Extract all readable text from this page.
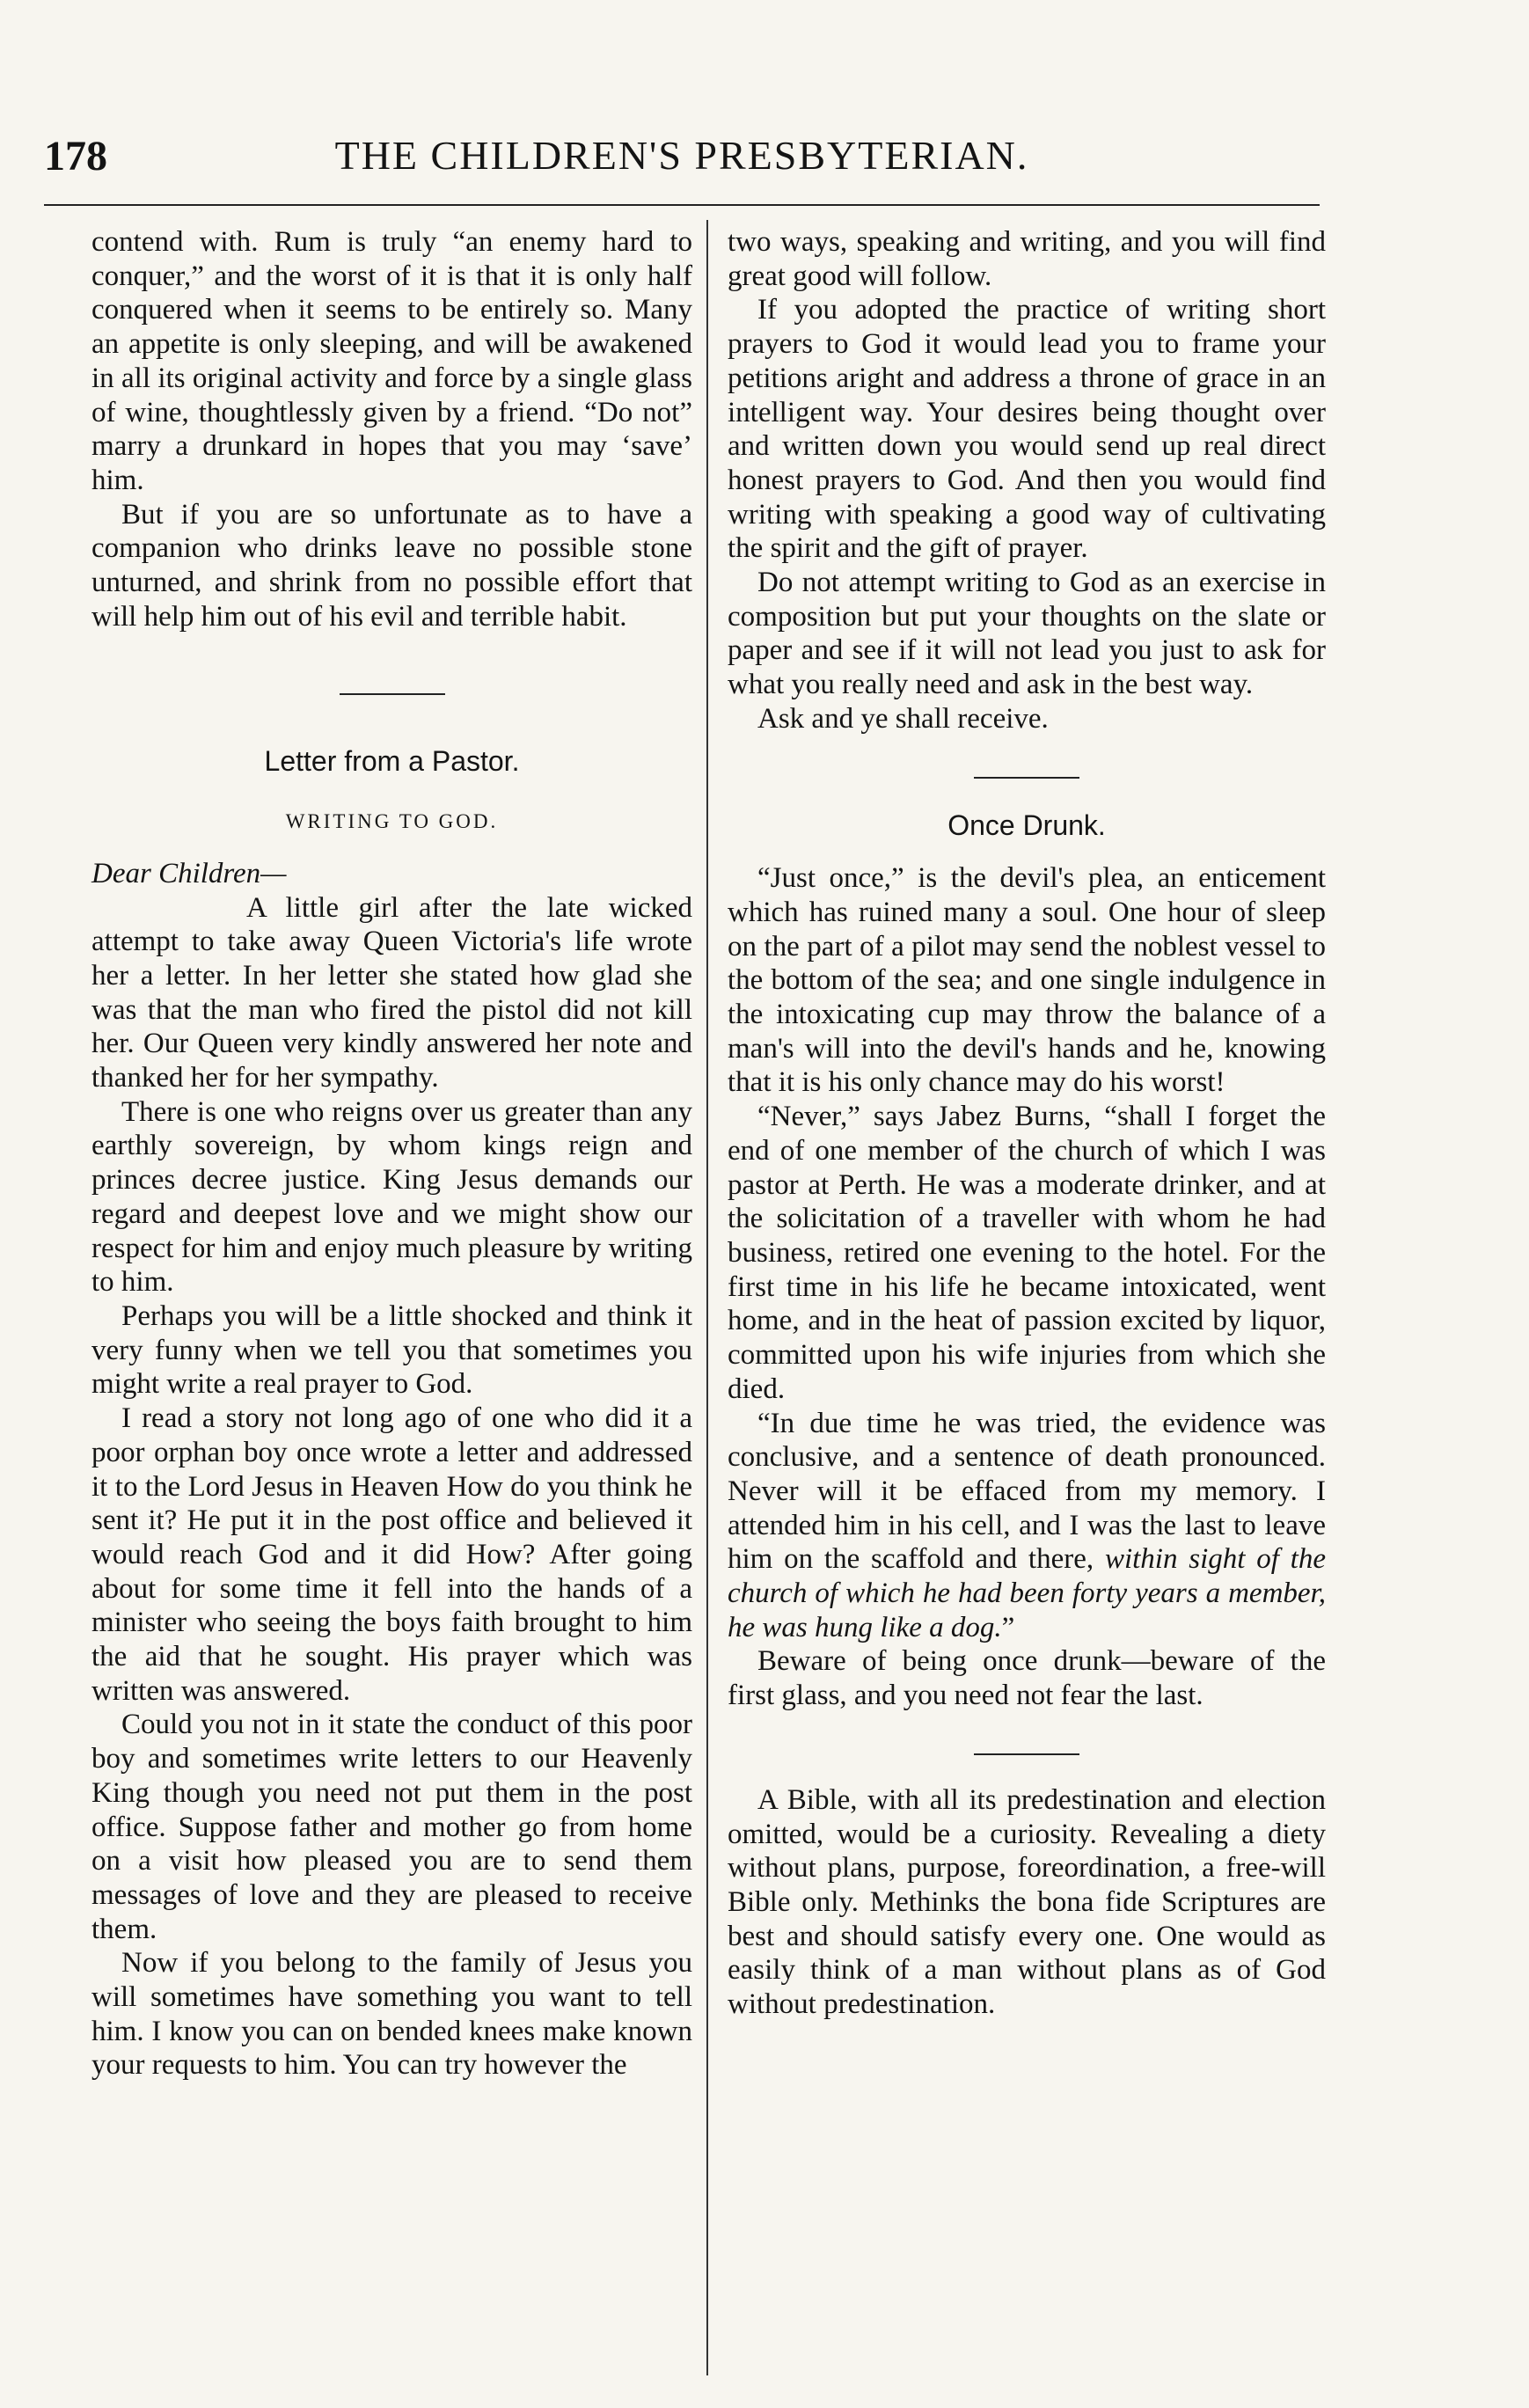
178	THE CHILDREN'S PRESBYTERIAN.

contend with. Rum is truly “an enemy hard to conquer,” and the worst of it is that it is only half conquered when it seems to be entirely so. Many an appetite is only sleeping, and will be awakened in all its original activity and force by a single glass of wine, thoughtlessly given by a friend. “Do not” marry a drunkard in hopes that you may ‘save’ him.

But if you are so unfortunate as to have a companion who drinks leave no possible stone unturned, and shrink from no possible effort that will help him out of his evil and terrible habit.

Letter from a Pastor.
WRITING TO GOD.

Dear Children—

A little girl after the late wicked attempt to take away Queen Victoria's life wrote her a letter. In her letter she stated how glad she was that the man who fired the pistol did not kill her. Our Queen very kindly answered her note and thanked her for her sympathy.

There is one who reigns over us greater than any earthly sovereign, by whom kings reign and princes decree justice. King Jesus demands our regard and deepest love and we might show our respect for him and enjoy much pleasure by writing to him.

Perhaps you will be a little shocked and think it very funny when we tell you that sometimes you might write a real prayer to God.

I read a story not long ago of one who did it a poor orphan boy once wrote a letter and addressed it to the Lord Jesus in Heaven How do you think he sent it? He put it in the post office and believed it would reach God and it did How? After going about for some time it fell into the hands of a minister who seeing the boys faith brought to him the aid that he sought. His prayer which was written was answered.

Could you not in it state the conduct of this poor boy and sometimes write letters to our Heavenly King though you need not put them in the post office. Suppose father and mother go from home on a visit how pleased you are to send them messages of love and they are pleased to receive them.

Now if you belong to the family of Jesus you will sometimes have something you want to tell him. I know you can on bended knees make known your requests to him. You can try however the

two ways, speaking and writing, and you will find great good will follow.

If you adopted the practice of writing short prayers to God it would lead you to frame your petitions aright and address a throne of grace in an intelligent way. Your desires being thought over and written down you would send up real direct honest prayers to God. And then you would find writing with speaking a good way of cultivating the spirit and the gift of prayer.

Do not attempt writing to God as an exercise in composition but put your thoughts on the slate or paper and see if it will not lead you just to ask for what you really need and ask in the best way.

Ask and ye shall receive.

Once Drunk.

“Just once,” is the devil's plea, an enticement which has ruined many a soul. One hour of sleep on the part of a pilot may send the noblest vessel to the bottom of the sea; and one single indulgence in the intoxicating cup may throw the balance of a man's will into the devil's hands and he, knowing that it is his only chance may do his worst!

“Never,” says Jabez Burns, “shall I forget the end of one member of the church of which I was pastor at Perth. He was a moderate drinker, and at the solicitation of a traveller with whom he had business, retired one evening to the hotel. For the first time in his life he became intoxicated, went home, and in the heat of passion excited by liquor, committed upon his wife injuries from which she died.

“In due time he was tried, the evidence was conclusive, and a sentence of death pronounced. Never will it be effaced from my memory. I attended him in his cell, and I was the last to leave him on the scaffold and there, within sight of the church of which he had been forty years a member, he was hung like a dog.”

Beware of being once drunk—beware of the first glass, and you need not fear the last.

A Bible, with all its predestination and election omitted, would be a curiosity. Revealing a diety without plans, purpose, foreordination, a free-will Bible only. Methinks the bona fide Scriptures are best and should satisfy every one. One would as easily think of a man without plans as of God without predestination.
